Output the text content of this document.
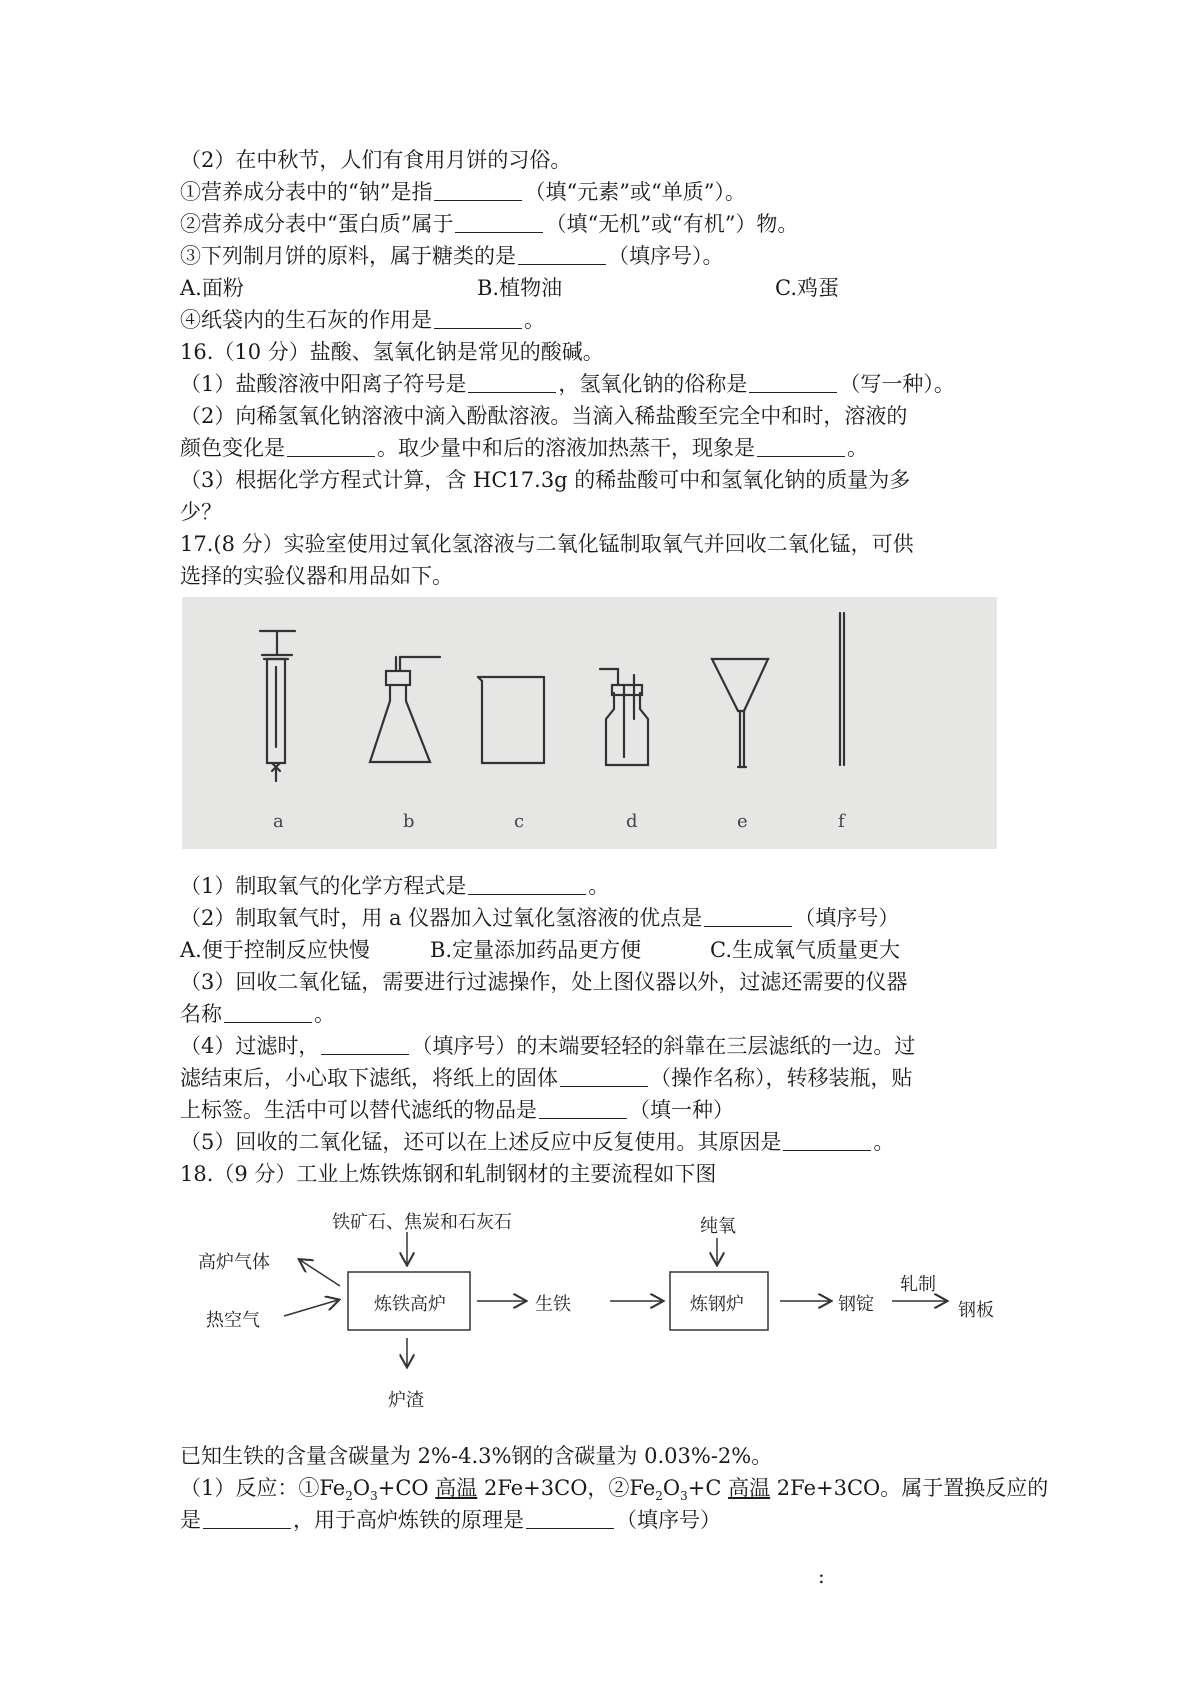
（2）在中秋节，人们有食用月饼的习俗。
①营养成分表中的“钠”是指	（填“元素”或“单质”）。
②营养成分表中“蛋白质”属于	（填“无机”或“有机”）物。
③下列制月饼的原料，属于糖类的是	（填序号）。
A.面粉	B.植物油	C.鸡蛋
④纸袋内的生石灰的作用是	。
16.（10 分）盐酸、氢氧化钠是常见的酸碱。
（1）盐酸溶液中阳离子符号是	，氢氧化钠的俗称是	（写一种）。
（2）向稀氢氧化钠溶液中滴入酚酞溶液。当滴入稀盐酸至完全中和时，溶液的
颜色变化是	。取少量中和后的溶液加热蒸干，现象是	。
（3）根据化学方程式计算，含 HC17.3g 的稀盐酸可中和氢氧化钠的质量为多
少？
17.(8 分）实验室使用过氧化氢溶液与二氧化锰制取氧气并回收二氧化锰，可供
选择的实验仪器和用品如下。
a	b	c	d	e	f
（1）制取氧气的化学方程式是	。
（2）制取氧气时，用 a 仪器加入过氧化氢溶液的优点是	（填序号）
A.便于控制反应快慢	B.定量添加药品更方便	C.生成氧气质量更大
（3）回收二氧化锰，需要进行过滤操作，处上图仪器以外，过滤还需要的仪器
名称	。
（4）过滤时，	（填序号）的末端要轻轻的斜靠在三层滤纸的一边。过
滤结束后，小心取下滤纸，将纸上的固体	（操作名称），转移装瓶，贴
上标签。生活中可以替代滤纸的物品是	（填一种）
（5）回收的二氧化锰，还可以在上述反应中反复使用。其原因是	。
18.（9 分）工业上炼铁炼钢和轧制钢材的主要流程如下图
铁矿石、焦炭和石灰石
高炉气体
热空气
炼铁高炉	生铁
纯氧
炼钢炉	钢锭
轧制
钢板
炉渣
已知生铁的含量含碳量为 2%-4.3%钢的含碳量为 0.03%-2%。
（1）反应：$①Fe_2O_3+CO$ 高温 2Fe+3CO，$②Fe_2O_3+C$ 高温 2Fe+3CO。属于置换反应的
是	，用于高炉炼铁的原理是	（填序号）
:
